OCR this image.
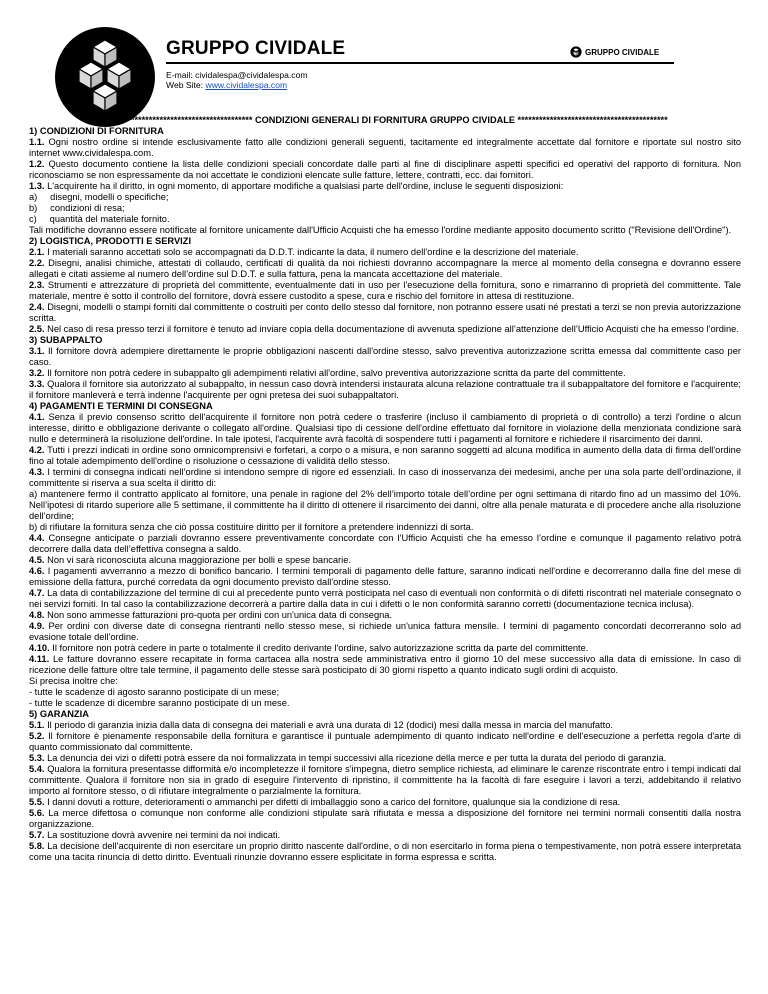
GRUPPO CIVIDALE
E-mail: cividalespa@cividalespa.com
Web Site: www.cividalespa.com
GRUPPO CIVIDALE

****************************************** CONDIZIONI GENERALI DI FORNITURA GRUPPO CIVIDALE ******************************************

1) CONDIZIONI DI FORNITURA

1.1. Ogni nostro ordine si intende esclusivamente fatto alle condizioni generali seguenti, tacitamente ed integralmente accettate dal fornitore e riportate sul nostro sito internet www.cividalespa.com.

1.2. Questo documento contiene la lista delle condizioni speciali concordate dalle parti al fine di disciplinare aspetti specifici ed operativi del rapporto di fornitura. Non riconosciamo se non espressamente da noi accettate le condizioni elencate sulle fatture, lettere, contratti, ecc. dai fornitori.

1.3. L'acquirente ha il diritto, in ogni momento, di apportare modifiche a qualsiasi parte dell'ordine, incluse le seguenti disposizioni:

a)     disegni, modelli o specifiche;

b)     condizioni di resa;

c)     quantità del materiale fornito.

Tali modifiche dovranno essere notificate al fornitore unicamente dall'Ufficio Acquisti che ha emesso l'ordine mediante apposito documento scritto ("Revisione dell'Ordine").

2) LOGISTICA, PRODOTTI E SERVIZI

2.1. I materiali saranno accettati solo se accompagnati da D.D.T. indicante la data, il numero dell'ordine e la descrizione del materiale.

2.2. Disegni, analisi chimiche, attestati di collaudo, certificati di qualità da noi richiesti dovranno accompagnare la merce al momento della consegna e dovranno essere allegati e citati assieme al numero dell’ordine sul D.D.T. e sulla fattura, pena la mancata accettazione del materiale.

2.3. Strumenti e attrezzature di proprietà del committente, eventualmente dati in uso per l'esecuzione della fornitura, sono e rimarranno di proprietà del committente. Tale materiale, mentre è sotto il controllo del fornitore, dovrà essere custodito a spese, cura e rischio del fornitore in attesa di restituzione.

2.4. Disegni, modelli o stampi forniti dal committente o costruiti per conto dello stesso dal fornitore, non potranno essere usati né prestati a terzi se non previa autorizzazione scritta.

2.5. Nel caso di resa presso terzi il fornitore è tenuto ad inviare copia della documentazione di avvenuta spedizione all’attenzione dell’Ufficio Acquisti che ha emesso l’ordine.

3) SUBAPPALTO

3.1. Il fornitore dovrà adempiere direttamente le proprie obbligazioni nascenti dall'ordine stesso, salvo preventiva autorizzazione scritta emessa dal committente caso per caso.

3.2. Il fornitore non potrà cedere in subappalto gli adempimenti relativi all'ordine, salvo preventiva autorizzazione scritta da parte del committente.

3.3. Qualora il fornitore sia autorizzato al subappalto, in nessun caso dovrà intendersi instaurata alcuna relazione contrattuale tra il subappaltatore del fornitore e l'acquirente; il fornitore manleverà e terrà indenne l'acquirente per ogni pretesa dei suoi subappaltatori.

4) PAGAMENTI E TERMINI DI CONSEGNA

4.1. Senza il previo consenso scritto dell'acquirente il fornitore non potrà cedere o trasferire (incluso il cambiamento di proprietà o di controllo) a terzi l'ordine o alcun interesse, diritto e obbligazione derivante o collegato all'ordine. Qualsiasi tipo di cessione dell'ordine effettuato dal fornitore in violazione della menzionata condizione sarà nullo e determinerà la risoluzione dell'ordine. In tale ipotesi, l'acquirente avrà facoltà di sospendere tutti i pagamenti al fornitore e richiedere il risarcimento dei danni.

4.2. Tutti i prezzi indicati in ordine sono omnicomprensivi e forfetari, a corpo o a misura, e non saranno soggetti ad alcuna modifica in aumento della data di firma dell'ordine fino al totale adempimento dell'ordine o risoluzione o cessazione di validità dello stesso.

4.3. I termini di consegna indicati nell’ordine si intendono sempre di rigore ed essenziali. In caso di inosservanza dei medesimi, anche per una sola parte dell’ordinazione, il committente si riserva a sua scelta il diritto di:

a) mantenere fermo il contratto applicato al fornitore, una penale in ragione del 2% dell’importo totale dell’ordine per ogni settimana di ritardo fino ad un massimo del 10%. Nell’ipotesi di ritardo superiore alle 5 settimane, il committente ha il diritto di ottenere il risarcimento dei danni, oltre alla penale maturata e di procedere anche alla risoluzione dell’ordine;

b) di rifiutare la fornitura senza che ciò possa costituire diritto per il fornitore a pretendere indennizzi di sorta.

4.4. Consegne anticipate o parziali dovranno essere preventivamente concordate con l’Ufficio Acquisti che ha emesso l’ordine e comunque il pagamento relativo potrà decorrere dalla data dell’effettiva consegna a saldo.

4.5. Non vi sarà riconosciuta alcuna maggiorazione per bolli e spese bancarie.

4.6. I pagamenti avverranno a mezzo di bonifico bancario. I termini temporali di pagamento delle fatture, saranno indicati nell'ordine e decorreranno dalla fine del mese di emissione della fattura, purché corredata da ogni documento previsto dall'ordine stesso.

4.7. La data di contabilizzazione del termine di cui al precedente punto verrà posticipata nel caso di eventuali non conformità o di difetti riscontrati nel materiale consegnato o nei servizi forniti. In tal caso la contabilizzazione decorrerà a partire dalla data in cui i difetti o le non conformità saranno corretti (documentazione tecnica inclusa).

4.8. Non sono ammesse fatturazioni pro-quota per ordini con un'unica data di consegna.

4.9. Per ordini con diverse date di consegna rientranti nello stesso mese, si richiede un'unica fattura mensile. I termini di pagamento concordati decorreranno solo ad evasione totale dell'ordine.

4.10. Il fornitore non potrà cedere in parte o totalmente il credito derivante l'ordine, salvo autorizzazione scritta da parte del committente.

4.11. Le fatture dovranno essere recapitate in forma cartacea alla nostra sede amministrativa entro il giorno 10 del mese successivo alla data di emissione. In caso di ricezione delle fatture oltre tale termine, il pagamento delle stesse sarà posticipato di 30 giorni rispetto a quanto indicato sugli ordini di acquisto.

Si precisa inoltre che:

- tutte le scadenze di agosto saranno posticipate di un mese;

- tutte le scadenze di dicembre saranno posticipate di un mese.

5) GARANZIA

5.1. Il periodo di garanzia inizia dalla data di consegna dei materiali e avrà una durata di 12 (dodici) mesi dalla messa in marcia del manufatto.

5.2. Il fornitore è pienamente responsabile della fornitura e garantisce il puntuale adempimento di quanto indicato nell'ordine e dell'esecuzione a perfetta regola d'arte di quanto commissionato dal committente.

5.3. La denuncia dei vizi o difetti potrà essere da noi formalizzata in tempi successivi alla ricezione della merce e per tutta la durata del periodo di garanzia.

5.4. Qualora la fornitura presentasse difformità e/o incompletezze il fornitore s'impegna, dietro semplice richiesta, ad eliminare le carenze riscontrate entro i tempi indicati dal committente. Qualora il fornitore non sia in grado di eseguire l'intervento di ripristino, il committente ha la facoltà di fare eseguire i lavori a terzi, addebitando il relativo importo al fornitore stesso, o di rifiutare integralmente o parzialmente la fornitura.

5.5. I danni dovuti a rotture, deterioramenti o ammanchi per difetti di imballaggio sono a carico del fornitore, qualunque sia la condizione di resa.

5.6. La merce difettosa o comunque non conforme alle condizioni stipulate sarà rifiutata e messa a disposizione del fornitore nei termini normali consentiti dalla nostra organizzazione.

5.7. La sostituzione dovrà avvenire nei termini da noi indicati.

5.8. La decisione dell'acquirente di non esercitare un proprio diritto nascente dall'ordine, o di non esercitarlo in forma piena o tempestivamente, non potrà essere interpretata come una tacita rinuncia di detto diritto. Eventuali rinunzie dovranno essere esplicitate in forma espressa e scritta.
